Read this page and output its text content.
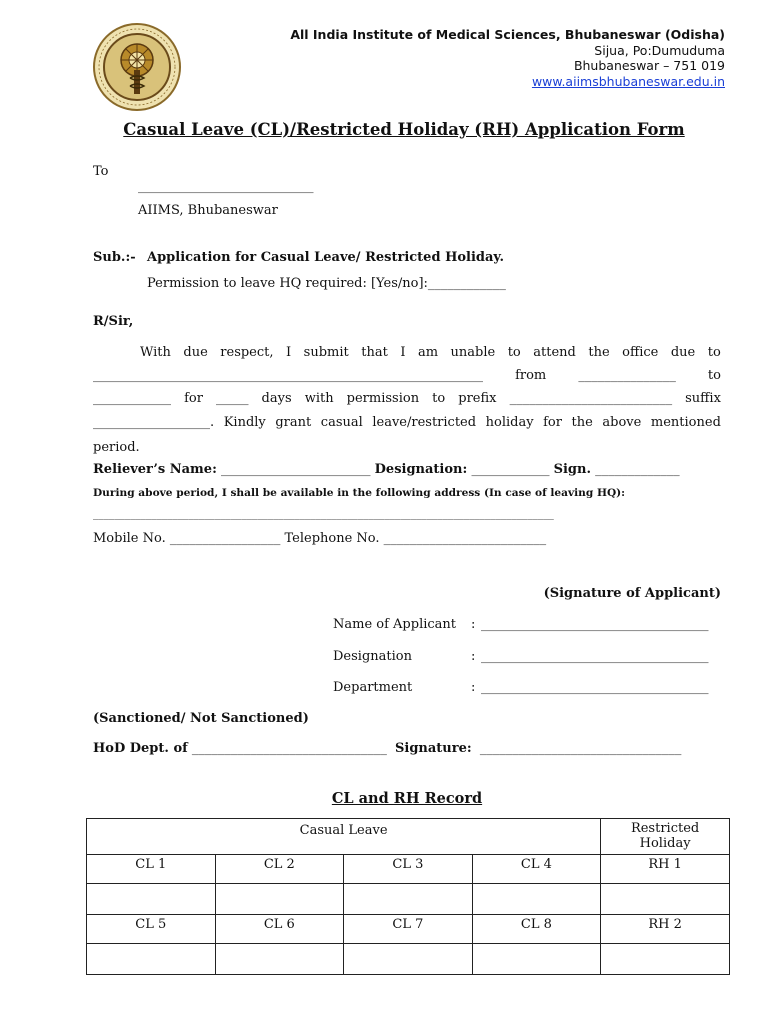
All India Institute of Medical Sciences, Bhubaneswar (Odisha)
Sijua, Po:Dumuduma
Bhubaneswar – 751 019
www.aiimsbhubaneswar.edu.in
Casual Leave (CL)/Restricted Holiday (RH) Application Form
To
___________________________
AIIMS, Bhubaneswar
Sub.:- Application for Casual Leave/ Restricted Holiday.
Permission to leave HQ required: [Yes/no]:____________
R/Sir,
With due respect, I submit that I am unable to attend the office due to
____________________________________________________________ from _______________ to
____________ for _____ days with permission to prefix _________________________ suffix
__________________. Kindly grant casual leave/restricted holiday for the above mentioned
period.
Reliever’s Name: _______________________ Designation: ____________ Sign. _____________
During above period, I shall be available in the following address (In case of leaving HQ):
_______________________________________________________________________________________
Mobile No. _________________ Telephone No. _________________________
(Signature of Applicant)
Name of Applicant : ___________________________________
Designation	: ___________________________________
Department	: ___________________________________
(Sanctioned/ Not Sanctioned)
HoD Dept. of ______________________________ Signature: _______________________________
CL and RH Record
Casual Leave				Restricted
Holiday

CL 1	CL 2	CL 3	CL 4	RH 1

CL 5	CL 6	CL 7	CL 8	RH 2
